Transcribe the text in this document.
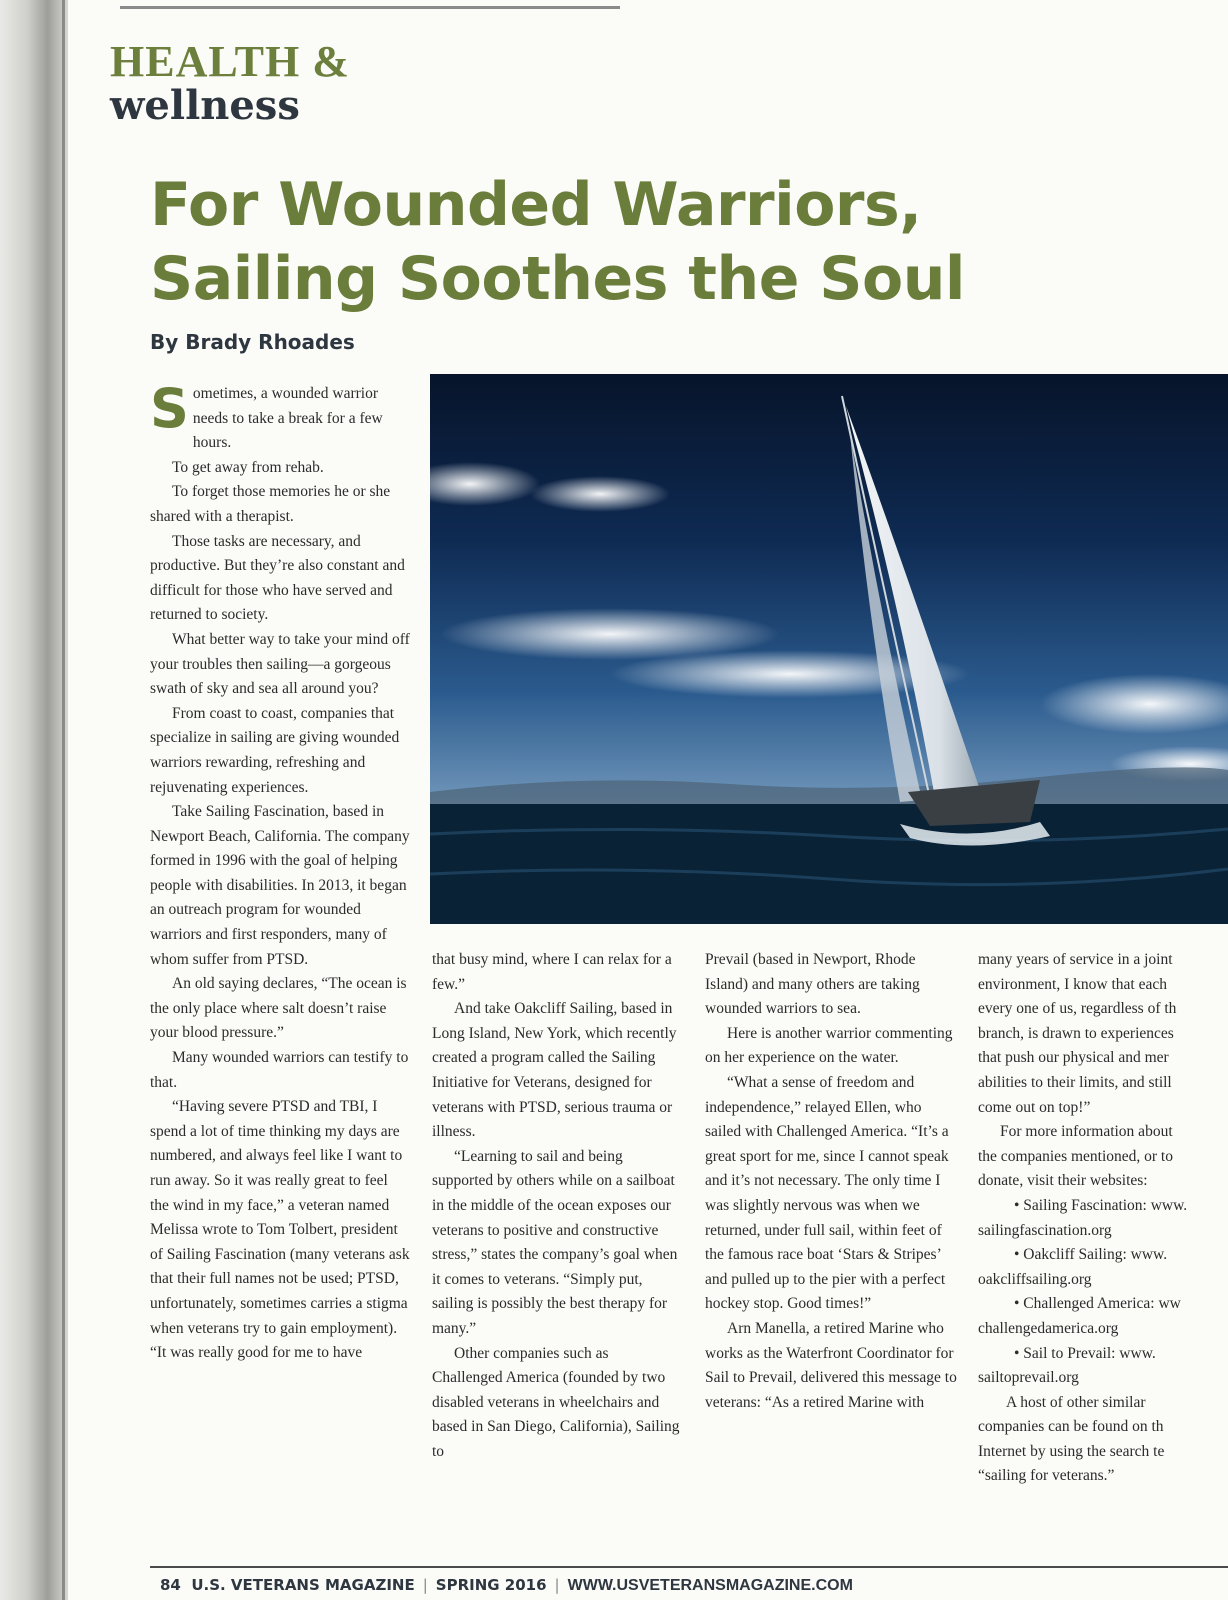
HEALTH &
wellness
For Wounded Warriors,
Sailing Soothes the Soul

By Brady Rhoades

Sometimes, a wounded warrior needs to take a break for a few hours.

To get away from rehab.

To forget those memories he or she shared with a therapist.

Those tasks are necessary, and productive. But they’re also constant and difficult for those who have served and returned to society.

What better way to take your mind off your troubles then sailing—a gorgeous swath of sky and sea all around you?

From coast to coast, companies that specialize in sailing are giving wounded warriors rewarding, refreshing and rejuvenating experiences.

Take Sailing Fascination, based in Newport Beach, California. The company formed in 1996 with the goal of helping people with disabilities. In 2013, it began an outreach program for wounded warriors and first responders, many of whom suffer from PTSD.

An old saying declares, “The ocean is the only place where salt doesn’t raise your blood pressure.”

Many wounded warriors can testify to that.

“Having severe PTSD and TBI, I spend a lot of time thinking my days are numbered, and always feel like I want to run away. So it was really great to feel the wind in my face,” a veteran named Melissa wrote to Tom Tolbert, president of Sailing Fascination (many veterans ask that their full names not be used; PTSD, unfortunately, sometimes carries a stigma when veterans try to gain employment). “It was really good for me to have

that busy mind, where I can relax for a few.”

And take Oakcliff Sailing, based in Long Island, New York, which recently created a program called the Sailing Initiative for Veterans, designed for veterans with PTSD, serious trauma or illness.

“Learning to sail and being supported by others while on a sailboat in the middle of the ocean exposes our veterans to positive and constructive stress,” states the company’s goal when it comes to veterans. “Simply put, sailing is possibly the best therapy for many.”

Other companies such as Challenged America (founded by two disabled veterans in wheelchairs and based in San Diego, California), Sailing to

Prevail (based in Newport, Rhode Island) and many others are taking wounded warriors to sea.

Here is another warrior commenting on her experience on the water.

“What a sense of freedom and independence,” relayed Ellen, who sailed with Challenged America. “It’s a great sport for me, since I cannot speak and it’s not necessary. The only time I was slightly nervous was when we returned, under full sail, within feet of the famous race boat ‘Stars & Stripes’ and pulled up to the pier with a perfect hockey stop. Good times!”

Arn Manella, a retired Marine who works as the Waterfront Coordinator for Sail to Prevail, delivered this message to veterans: “As a retired Marine with

many years of service in a joint
environment, I know that each
every one of us, regardless of th
branch, is drawn to experiences
that push our physical and mer
abilities to their limits, and still
come out on top!”
For more information about
the companies mentioned, or to
donate, visit their websites:
• Sailing Fascination: www.
sailingfascination.org
• Oakcliff Sailing: www.
oakcliffsailing.org
• Challenged America: ww
challengedamerica.org
• Sail to Prevail: www.
sailtoprevail.org
A host of other similar
companies can be found on th
Internet by using the search te
“sailing for veterans.”
84 U.S. VETERANS MAGAZINE | SPRING 2016 | WWW.USVETERANSMAGAZINE.COM
